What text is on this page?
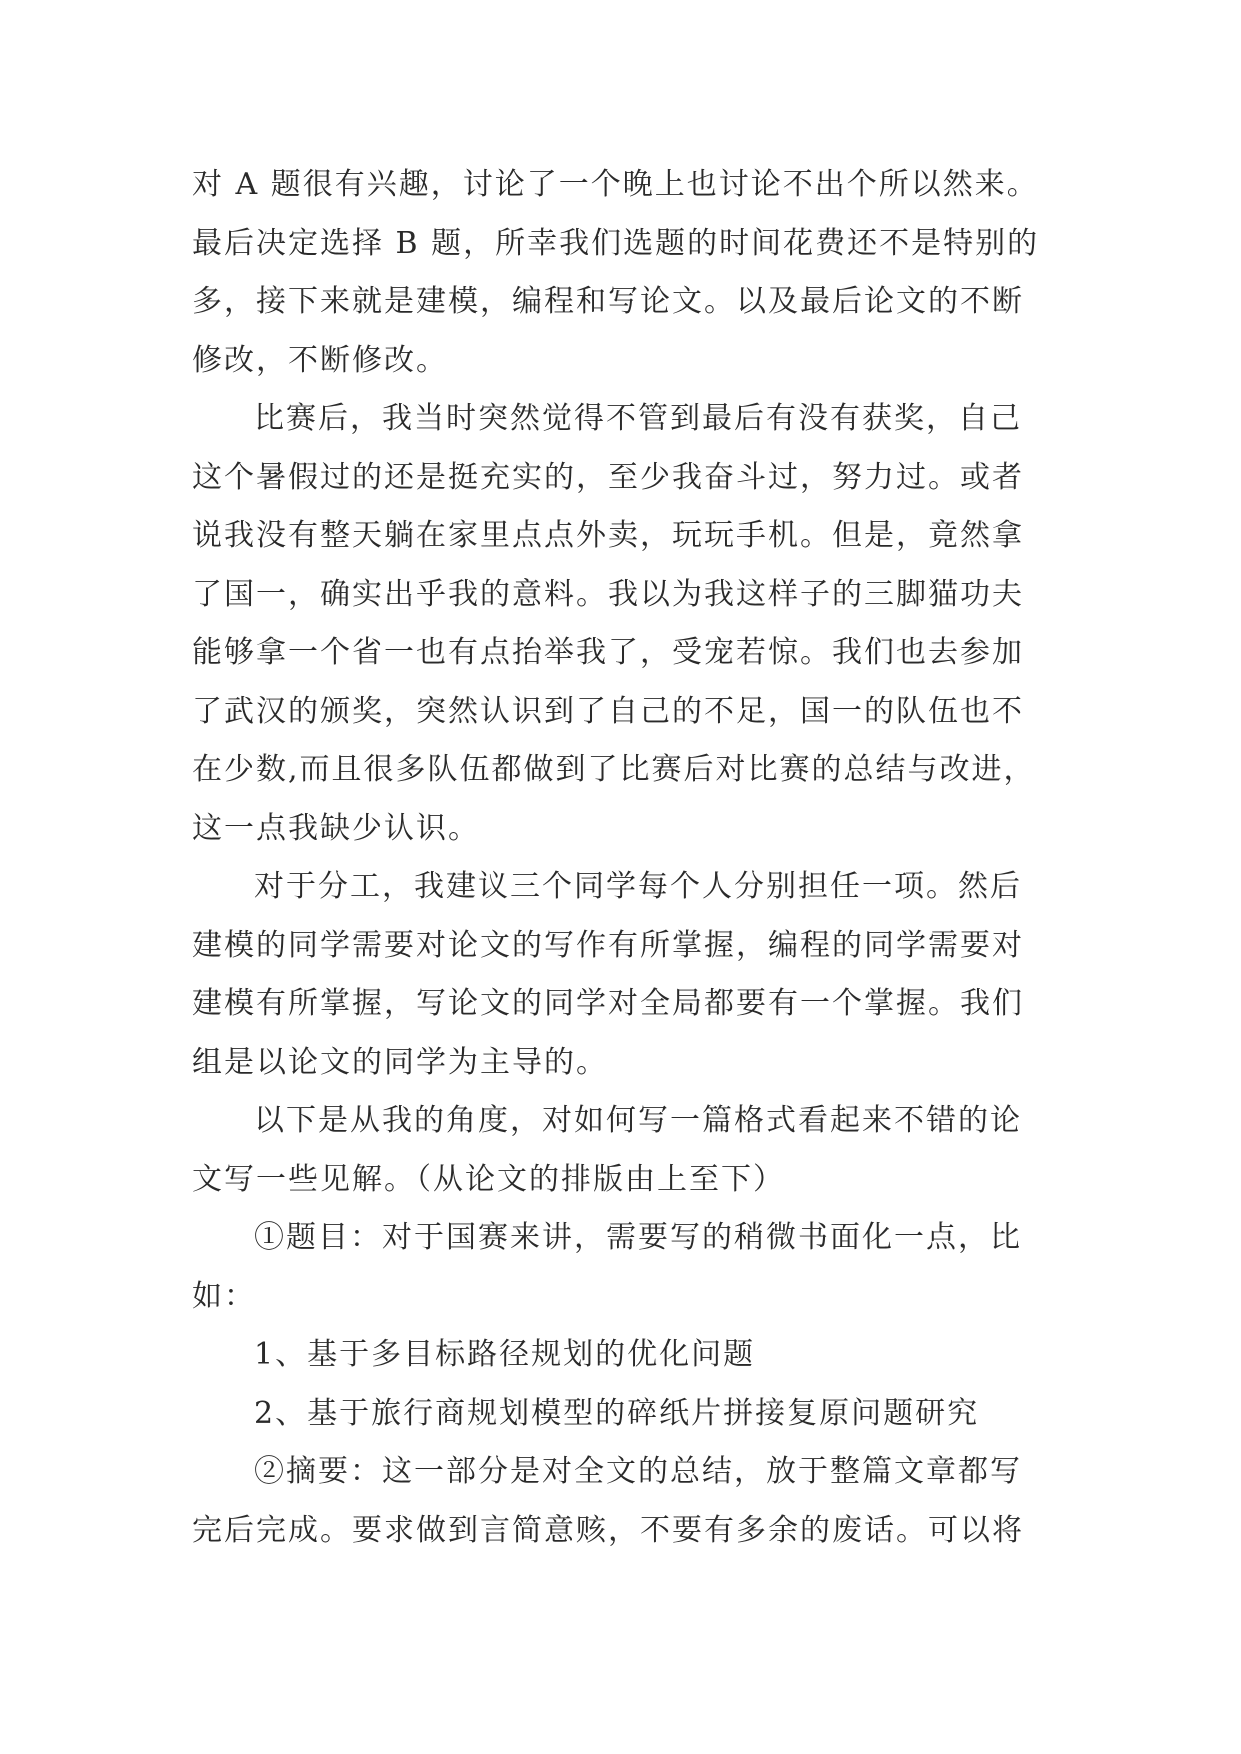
对 A 题很有兴趣，讨论了一个晚上也讨论不出个所以然来。
最后决定选择 B 题，所幸我们选题的时间花费还不是特别的
多，接下来就是建模，编程和写论文。以及最后论文的不断
修改，不断修改。
比赛后，我当时突然觉得不管到最后有没有获奖，自己
这个暑假过的还是挺充实的，至少我奋斗过，努力过。或者
说我没有整天躺在家里点点外卖，玩玩手机。但是，竟然拿
了国一，确实出乎我的意料。我以为我这样子的三脚猫功夫
能够拿一个省一也有点抬举我了，受宠若惊。我们也去参加
了武汉的颁奖，突然认识到了自己的不足，国一的队伍也不
在少数,而且很多队伍都做到了比赛后对比赛的总结与改进，
这一点我缺少认识。
对于分工，我建议三个同学每个人分别担任一项。然后
建模的同学需要对论文的写作有所掌握，编程的同学需要对
建模有所掌握，写论文的同学对全局都要有一个掌握。我们
组是以论文的同学为主导的。
以下是从我的角度，对如何写一篇格式看起来不错的论
文写一些见解。（从论文的排版由上至下）
①题目：对于国赛来讲，需要写的稍微书面化一点，比
如：
1、基于多目标路径规划的优化问题
2、基于旅行商规划模型的碎纸片拼接复原问题研究
②摘要：这一部分是对全文的总结，放于整篇文章都写
完后完成。要求做到言简意赅，不要有多余的废话。可以将
